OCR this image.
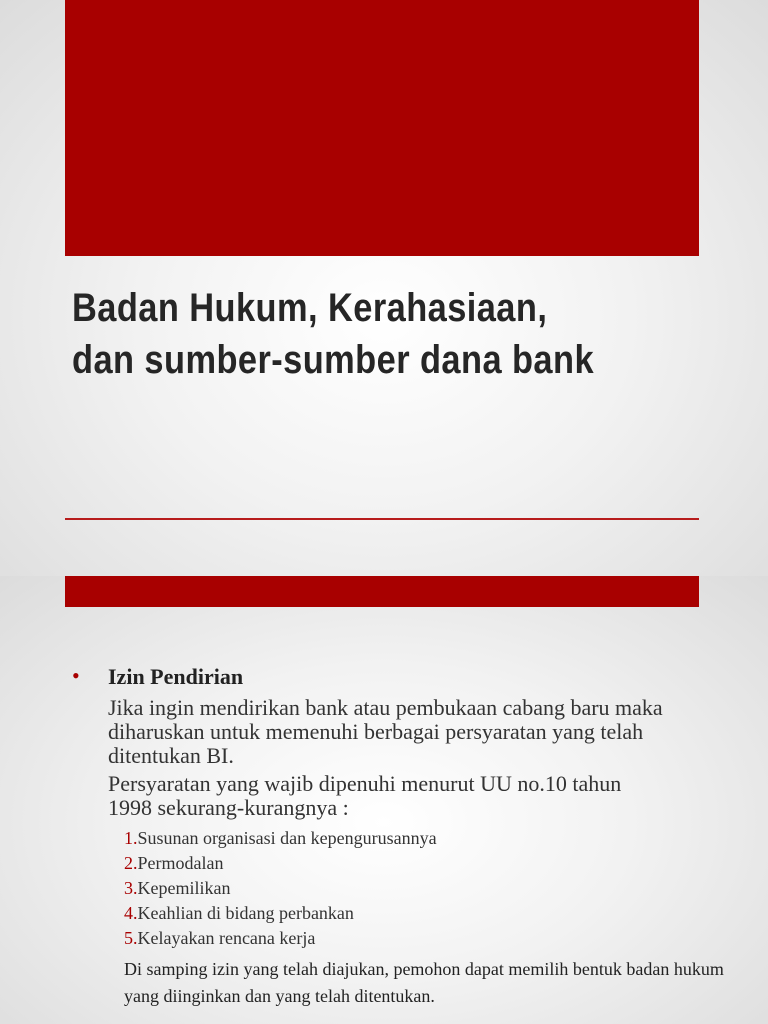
Badan Hukum, Kerahasiaan,
dan sumber-sumber dana bank
• Izin Pendirian

Jika ingin mendirikan bank atau pembukaan cabang baru maka diharuskan untuk memenuhi berbagai persyaratan yang telah ditentukan BI.

Persyaratan yang wajib dipenuhi menurut UU no.10 tahun 1998 sekurang-kurangnya :

1.Susunan organisasi dan kepengurusannya
2.Permodalan
3.Kepemilikan
4.Keahlian di bidang perbankan
5.Kelayakan rencana kerja

Di samping izin yang telah diajukan, pemohon dapat memilih bentuk badan hukum yang diinginkan dan yang telah ditentukan.
